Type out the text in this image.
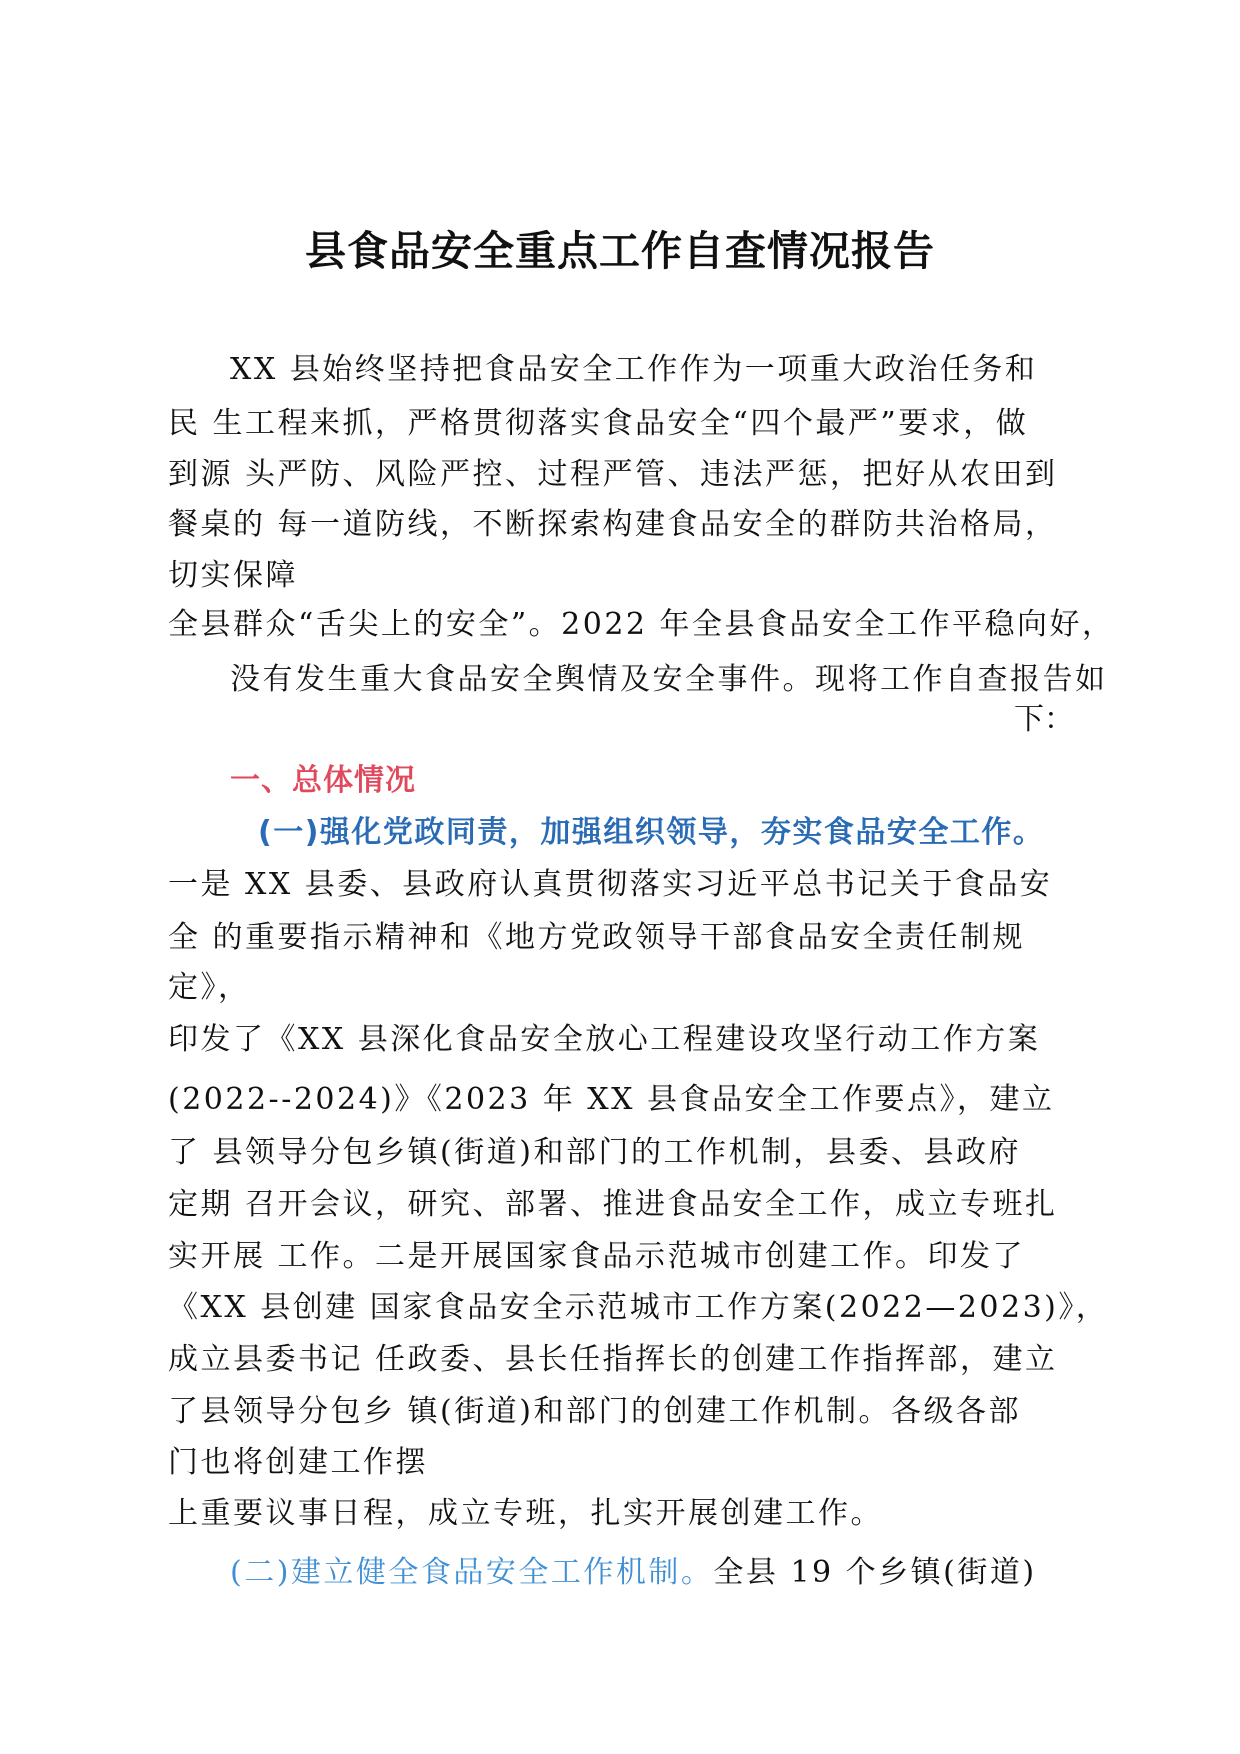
县食品安全重点工作自查情况报告

XX 县始终坚持把食品安全工作作为一项重大政治任务和

民 生工程来抓，严格贯彻落实食品安全“四个最严”要求，做

到源 头严防、风险严控、过程严管、违法严惩，把好从农田到

餐桌的 每一道防线，不断探索构建食品安全的群防共治格局，

切实保障

全县群众“舌尖上的安全”。2022 年全县食品安全工作平稳向好，

没有发生重大食品安全舆情及安全事件。现将工作自查报告如

下：

一、总体情况
(一)强化党政同责，加强组织领导，夯实食品安全工作。

一是 XX 县委、县政府认真贯彻落实习近平总书记关于食品安

全 的重要指示精神和《地方党政领导干部食品安全责任制规

定》，

印发了《XX 县深化食品安全放心工程建设攻坚行动工作方案

(2022--2024)》《2023 年 XX 县食品安全工作要点》，建立

了 县领导分包乡镇(街道)和部门的工作机制，县委、县政府

定期 召开会议，研究、部署、推进食品安全工作，成立专班扎

实开展 工作。二是开展国家食品示范城市创建工作。印发了

《XX 县创建 国家食品安全示范城市工作方案(2022—2023)》，

成立县委书记 任政委、县长任指挥长的创建工作指挥部，建立

了县领导分包乡 镇(街道)和部门的创建工作机制。各级各部

门也将创建工作摆

上重要议事日程，成立专班，扎实开展创建工作。

(二)建立健全食品安全工作机制。全县 19 个乡镇(街道)
